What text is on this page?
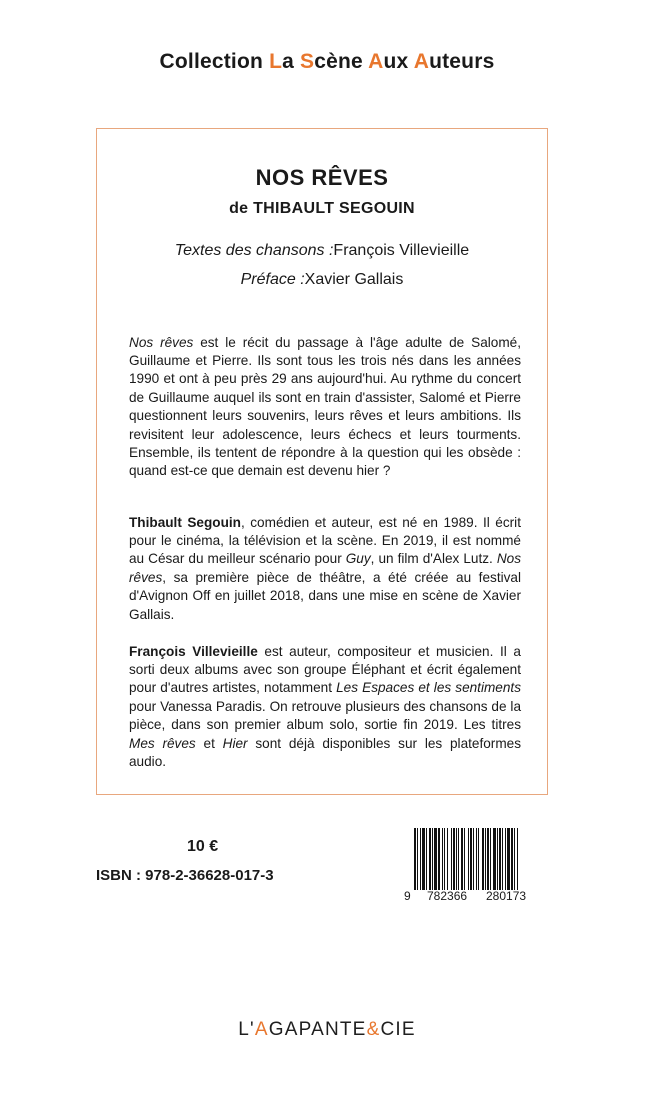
Collection La Scène Aux Auteurs
NOS RÊVES
de THIBAULT SEGOUIN
Textes des chansons :François Villevieille
Préface :Xavier Gallais

Nos rêves est le récit du passage à l'âge adulte de Salomé, Guillaume et Pierre. Ils sont tous les trois nés dans les années 1990 et ont à peu près 29 ans aujourd'hui. Au rythme du concert de Guillaume auquel ils sont en train d'assister, Salomé et Pierre questionnent leurs souvenirs, leurs rêves et leurs ambitions. Ils revisitent leur adolescence, leurs échecs et leurs tourments. Ensemble, ils tentent de répondre à la question qui les obsède : quand est-ce que demain est devenu hier ?

Thibault Segouin, comédien et auteur, est né en 1989. Il écrit pour le cinéma, la télévision et la scène. En 2019, il est nommé au César du meilleur scénario pour Guy, un film d'Alex Lutz. Nos rêves, sa première pièce de théâtre, a été créée au festival d'Avignon Off en juillet 2018, dans une mise en scène de Xavier Gallais.

François Villevieille est auteur, compositeur et musicien. Il a sorti deux albums avec son groupe Éléphant et écrit également pour d'autres artistes, notamment Les Espaces et les sentiments pour Vanessa Paradis. On retrouve plusieurs des chansons de la pièce, dans son premier album solo, sortie fin 2019. Les titres Mes rêves et Hier sont déjà disponibles sur les plateformes audio.

10 €
ISBN : 978-2-36628-017-3
9 782366 280173
L'AGAPANTE&CIE
